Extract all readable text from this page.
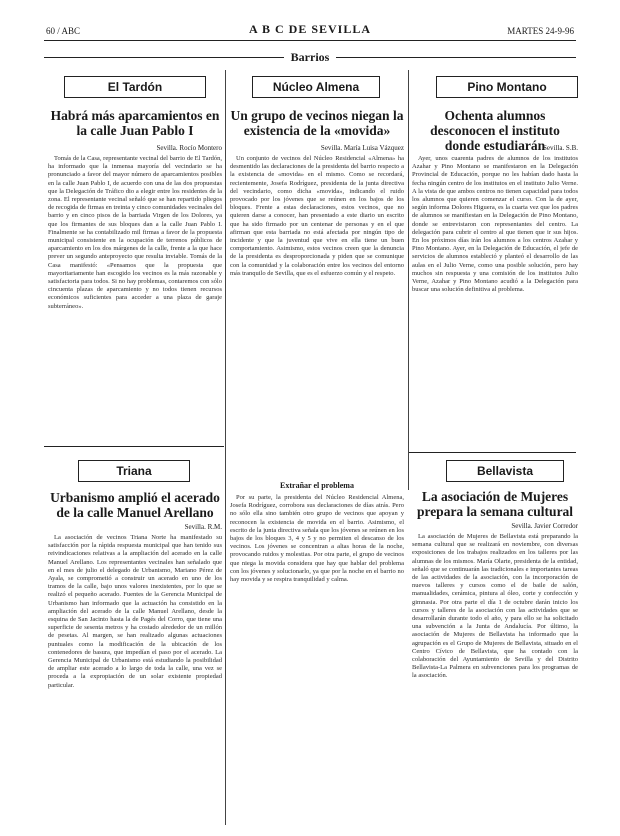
60 / ABC	A B C DE SEVILLA	MARTES 24-9-96
Barrios
El Tardón
Habrá más aparcamientos en la calle Juan Pablo I
Sevilla. Rocío Montero
Tomás de la Casa, representante vecinal del barrio de El Tardón, ha informado que la inmensa mayoría del vecindario se ha pronunciado a favor del mayor número de aparcamientos posibles en la calle Juan Pablo I, de acuerdo con una de las dos propuestas que la Delegación de Tráfico dio a elegir entre los residentes de la zona. El representante vecinal señaló que se han repartido pliegos de recogida de firmas en treinta y cinco comunidades vecinales del barrio y en cinco pisos de la barriada Virgen de los Dolores, ya que los firmantes de sus bloques dan a la calle Juan Pablo I. Finalmente se ha contabilizado mil firmas a favor de la propuesta municipal consistente en la ocupación de terrenos públicos de aparcamiento en los dos márgenes de la calle, frente a la que hace prever un segundo anteproyecto que resulta inviable. Tomás de la Casa manifestó: «Pensamos que la propuesta que mayoritariamente han escogido los vecinos es la más razonable y satisfactoria para todos. Si no hay problemas, contaremos con sólo cincuenta plazas de aparcamiento y no todos tienen recursos económicos suficientes para acceder a una plaza de garaje subterráneo».
Núcleo Almena
Un grupo de vecinos niegan la existencia de la «movida»
Sevilla. María Luisa Vázquez
Un conjunto de vecinos del Núcleo Residencial «Almena» ha desmentido las declaraciones de la presidenta del barrio respecto a la existencia de «movida» en el mismo. Como se recordará, recientemente, Josefa Rodríguez, presidenta de la junta directiva del vecindario, como dicha «movida», indicando el ruido provocado por los jóvenes que se reúnen en los bajos de los bloques. Frente a estas declaraciones, estos vecinos, que no quieren darse a conocer, han presentado a este diario un escrito que ha sido firmado por un centenar de personas y en el que afirman que esta barriada no está afectada por ningún tipo de incidente y que la juventud que vive en ella tiene un buen comportamiento. Asimismo, estos vecinos creen que la denuncia de la presidenta es desproporcionada y piden que se comunique con la comunidad y la colaboración entre los vecinos del entorno más tranquilo de Sevilla, que es el esfuerzo común y el respeto.
Extrañar el problema
Por su parte, la presidenta del Núcleo Residencial Almena, Josefa Rodríguez, corrobora sus declaraciones de días atrás. Pero no sólo ella sino también otro grupo de vecinos que apoyan y reconocen la existencia de movida en el barrio. Asimismo, el escrito de la junta directiva señala que los jóvenes se reúnen en los bajos de los bloques 3, 4 y 5 y no permiten el descanso de los vecinos. Los jóvenes se concentran a altas horas de la noche, provocando ruidos y molestias. Por otra parte, el grupo de vecinos que niega la movida considera que hay que hablar del problema con los jóvenes y solucionarlo, ya que por la noche en el barrio no hay movida y se respira tranquilidad y calma.
Pino Montano
Ochenta alumnos desconocen el instituto donde estudiarán
Sevilla. S.B.
Ayer, unos cuarenta padres de alumnos de los institutos Azahar y Pino Montano se manifestaron en la Delegación Provincial de Educación, porque no les habían dado hasta la fecha ningún centro de los institutos en el instituto Julio Verne. A la vista de que ambos centros no tienen capacidad para todos los alumnos que quieren comenzar el curso. Con la de ayer, según informa Dolores Higuera, es la cuarta vez que los padres de alumnos se manifiestan en la Delegación de Pino Montano, donde se entrevistaron con representantes del centro. La delegación para cubrir el centro al que tienen que ir sus hijos. En los próximos días irán los alumnos a los centros Azahar y Pino Montano. Ayer, en la Delegación de Educación, el jefe de servicios de alumnos estableció y planteó el desarrollo de las aulas en el Julio Verne, como una posible solución, pero hay muchos sin respuesta y una comisión de los institutos Julio Verne, Azahar y Pino Montano acudió a la Delegación para buscar una solución definitiva al problema.
Triana
Urbanismo amplió el acerado de la calle Manuel Arellano
Sevilla. R.M.
La asociación de vecinos Triana Norte ha manifestado su satisfacción por la rápida respuesta municipal que han tenido sus reivindicaciones relativas a la ampliación del acerado en la calle Manuel Arellano. Los representantes vecinales han señalado que en el mes de julio el delegado de Urbanismo, Mariano Pérez de Ayala, se comprometió a construir un acerado en uno de los tramos de la calle, bajo unos valores inexistentes, por lo que se realizó el pequeño acerado. Fuentes de la Gerencia Municipal de Urbanismo han informado que la actuación ha consistido en la ampliación del acerado de la calle Manuel Arellano, desde la esquina de San Jacinto hasta la de Pagés del Corro, que tiene una superficie de sesenta metros y ha costado alrededor de un millón de pesetas. Al margen, se han realizado algunas actuaciones puntuales como la modificación de la ubicación de los contenedores de basura, que impedían el paso por el acerado. La Gerencia Municipal de Urbanismo está estudiando la posibilidad de ampliar este acerado a lo largo de toda la calle, una vez se proceda a la expropiación de un solar existente propiedad particular.
Bellavista
La asociación de Mujeres prepara la semana cultural
Sevilla. Javier Corredor
La asociación de Mujeres de Bellavista está preparando la semana cultural que se realizará en noviembre, con diversas exposiciones de los trabajos realizados en los talleres por las alumnas de los mismos. María Olarte, presidenta de la entidad, señaló que se continuarán las tradicionales e importantes tareas de las actividades de la asociación, con la incorporación de nuevos talleres y cursos como el de baile de salón, manualidades, cerámica, pintura al óleo, corte y confección y gimnasia. Por otra parte el día 1 de octubre darán inicio los cursos y talleres de la asociación con las actividades que se desarrollarán durante todo el año, y para ello se ha solicitado una subvención a la Junta de Andalucía. Por último, la asociación de Mujeres de Bellavista ha informado que la agrupación es el Grupo de Mujeres de Bellavista, situado en el Centro Cívico de Bellavista, que ha contado con la colaboración del Ayuntamiento de Sevilla y del Distrito Bellavista-La Palmera en subvenciones para los programas de la asociación.
